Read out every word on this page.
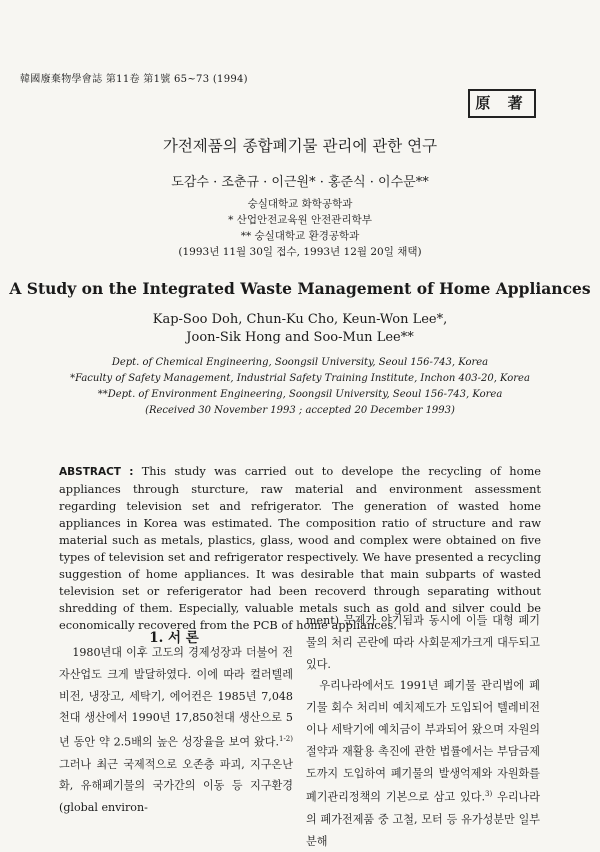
韓國廢棄物學會誌 第11卷 第1號 65~73 (1994)
原 著
가전제품의 종합폐기물 관리에 관한 연구
도감수 · 조춘규 · 이근원* · 홍준식 · 이수문**
숭실대학교 화학공학과
* 산업안전교육원 안전관리학부
** 숭실대학교 환경공학과
(1993년 11월 30일 접수, 1993년 12월 20일 채택)
A Study on the Integrated Waste Management of Home Appliances
Kap-Soo Doh, Chun-Ku Cho, Keun-Won Lee*,
Joon-Sik Hong and Soo-Mun Lee**
Dept. of Chemical Engineering, Soongsil University, Seoul 156-743, Korea
*Faculty of Safety Management, Industrial Safety Training Institute, Inchon 403-20, Korea
**Dept. of Environment Engineering, Soongsil University, Seoul 156-743, Korea
(Received 30 November 1993 ; accepted 20 December 1993)
ABSTRACT : This study was carried out to develope the recycling of home appliances through sturcture, raw material and environment assessment regarding television set and refrigerator. The generation of wasted home appliances in Korea was estimated. The composition ratio of structure and raw material such as metals, plastics, glass, wood and complex were obtained on five types of television set and refrigerator respectively. We have presented a recycling suggestion of home appliances. It was desirable that main subparts of wasted television set or referigerator had been recoverd through separating without shredding of them. Especially, valuable metals such as gold and silver could be economically recovered from the PCB of home appliances.
1. 서 론

1980년대 이후 고도의 경제성장과 더불어 전자산업도 크게 발달하였다. 이에 따라 컬러텔레비전, 냉장고, 세탁기, 에어컨은 1985년 7,048천대 생산에서 1990년 17,850천대 생산으로 5년 동안 약 2.5배의 높은 성장율을 보여 왔다.$^{1-2)}$ 그러나 최근 국제적으로 오존층 파괴, 지구온난화, 유해폐기물의 국가간의 이동 등 지구환경(global environ-

ment) 문제가 야기됨과 동시에 이들 대형 폐기물의 처리 곤란에 따라 사회문제가크게 대두되고 있다.

우리나라에서도 1991년 폐기물 관리법에 폐기물 회수 처리비 예치제도가 도입되어 텔레비전이나 세탁기에 예치금이 부과되어 왔으며 자원의 절약과 재활용 촉진에 관한 법률에서는 부담금제도까지 도입하여 폐기물의 발생억제와 자원화를 폐기관리정책의 기본으로 삼고 있다.$^{3)}$ 우리나라의 폐가전제품 중 고철, 모터 등 유가성분만 일부 분해
